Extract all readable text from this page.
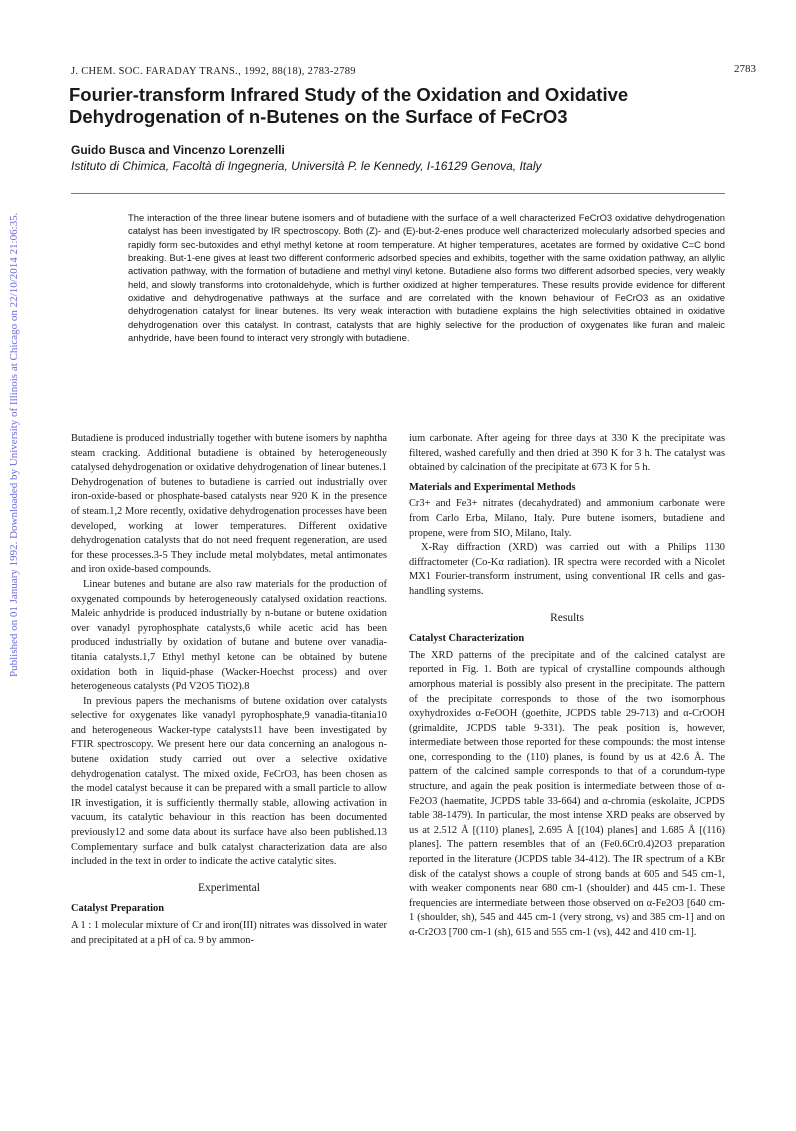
Published on 01 January 1992. Downloaded by University of Illinois at Chicago on 22/10/2014 21:06:35.
J. CHEM. SOC. FARADAY TRANS., 1992, 88(18), 2783-2789	2783
Fourier-transform Infrared Study of the Oxidation and Oxidative Dehydrogenation of n-Butenes on the Surface of FeCrO3
Guido Busca and Vincenzo Lorenzelli
Istituto di Chimica, Facoltà di Ingegneria, Università P. le Kennedy, I-16129 Genova, Italy

The interaction of the three linear butene isomers and of butadiene with the surface of a well characterized FeCrO3 oxidative dehydrogenation catalyst has been investigated by IR spectroscopy. Both (Z)- and (E)-but-2-enes produce well characterized molecularly adsorbed species and rapidly form sec-butoxides and ethyl methyl ketone at room temperature. At higher temperatures, acetates are formed by oxidative C=C bond breaking. But-1-ene gives at least two different conformeric adsorbed species and exhibits, together with the same oxidation pathway, an allylic activation pathway, with the formation of butadiene and methyl vinyl ketone. Butadiene also forms two different adsorbed species, very weakly held, and slowly transforms into crotonaldehyde, which is further oxidized at higher temperatures. These results provide evidence for different oxidative and dehydrogenative pathways at the surface and are correlated with the known behaviour of FeCrO3 as an oxidative dehydrogenation catalyst for linear butenes. Its very weak interaction with butadiene explains the high selectivities obtained in oxidative dehydrogenation over this catalyst. In contrast, catalysts that are highly selective for the production of oxygenates like furan and maleic anhydride, have been found to interact very strongly with butadiene.

Butadiene is produced industrially together with butene isomers by naphtha steam cracking. Additional butadiene is obtained by heterogeneously catalysed dehydrogenation or oxidative dehydrogenation of linear butenes.1 Dehydrogenation of butenes to butadiene is carried out industrially over iron-oxide-based or phosphate-based catalysts near 920 K in the presence of steam.1,2 More recently, oxidative dehydrogenation processes have been developed, working at lower temperatures. Different oxidative dehydrogenation catalysts that do not need frequent regeneration, are used for these processes.3-5 They include metal molybdates, metal antimonates and iron oxide-based compounds.

Linear butenes and butane are also raw materials for the production of oxygenated compounds by heterogeneously catalysed oxidation reactions. Maleic anhydride is produced industrially by n-butane or butene oxidation over vanadyl pyrophosphate catalysts,6 while acetic acid has been produced industrially by oxidation of butane and butene over vanadia-titania catalysts.1,7 Ethyl methyl ketone can be obtained by butene oxidation both in liquid-phase (Wacker-Hoechst process) and over heterogeneous catalysts (Pd V2O5 TiO2).8

In previous papers the mechanisms of butene oxidation over catalysts selective for oxygenates like vanadyl pyrophosphate,9 vanadia-titania10 and heterogeneous Wacker-type catalysts11 have been investigated by FTIR spectroscopy. We present here our data concerning an analogous n-butene oxidation study carried out over a selective oxidative dehydrogenation catalyst. The mixed oxide, FeCrO3, has been chosen as the model catalyst because it can be prepared with a small particle to allow IR investigation, it is sufficiently thermally stable, allowing activation in vacuum, its catalytic behaviour in this reaction has been documented previously12 and some data about its surface have also been published.13 Complementary surface and bulk catalyst characterization data are also included in the text in order to indicate the active catalytic sites.

Experimental
Catalyst Preparation

A 1 : 1 molecular mixture of Cr and iron(III) nitrates was dissolved in water and precipitated at a pH of ca. 9 by ammon-

ium carbonate. After ageing for three days at 330 K the precipitate was filtered, washed carefully and then dried at 390 K for 3 h. The catalyst was obtained by calcination of the precipitate at 673 K for 5 h.

Materials and Experimental Methods

Cr3+ and Fe3+ nitrates (decahydrated) and ammonium carbonate were from Carlo Erba, Milano, Italy. Pure butene isomers, butadiene and propene, were from SIO, Milano, Italy.

X-Ray diffraction (XRD) was carried out with a Philips 1130 diffractometer (Co-Kα radiation). IR spectra were recorded with a Nicolet MX1 Fourier-transform instrument, using conventional IR cells and gas-handling systems.

Results
Catalyst Characterization

The XRD patterns of the precipitate and of the calcined catalyst are reported in Fig. 1. Both are typical of crystalline compounds although amorphous material is possibly also present in the precipitate. The pattern of the precipitate corresponds to those of the two isomorphous oxyhydroxides α-FeOOH (goethite, JCPDS table 29-713) and α-CrOOH (grimaldite, JCPDS table 9-331). The peak position is, however, intermediate between those reported for these compounds: the most intense one, corresponding to the (110) planes, is found by us at 42.6 Å. The pattern of the calcined sample corresponds to that of a corundum-type structure, and again the peak position is intermediate between those of α-Fe2O3 (haematite, JCPDS table 33-664) and α-chromia (eskolaite, JCPDS table 38-1479). In particular, the most intense XRD peaks are observed by us at 2.512 Å [(110) planes], 2.695 Å [(104) planes] and 1.685 Å [(116) planes]. The pattern resembles that of an (Fe0.6Cr0.4)2O3 preparation reported in the literature (JCPDS table 34-412). The IR spectrum of a KBr disk of the catalyst shows a couple of strong bands at 605 and 545 cm-1, with weaker components near 680 cm-1 (shoulder) and 445 cm-1. These frequencies are intermediate between those observed on α-Fe2O3 [640 cm-1 (shoulder, sh), 545 and 445 cm-1 (very strong, vs) and 385 cm-1] and on α-Cr2O3 [700 cm-1 (sh), 615 and 555 cm-1 (vs), 442 and 410 cm-1].
